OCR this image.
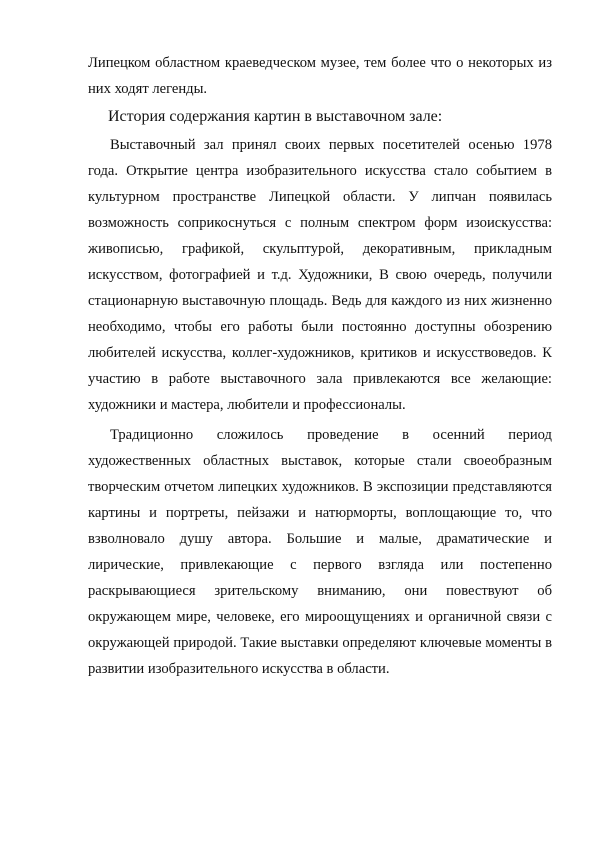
Липецком областном краеведческом музее, тем более что о некоторых из них ходят легенды.

История содержания картин в выставочном зале:

Выставочный зал принял своих первых посетителей осенью 1978 года. Открытие центра изобразительного искусства стало событием в культурном пространстве Липецкой области. У липчан появилась возможность соприкоснуться с полным спектром форм изоискусства: живописью, графикой, скульптурой, декоративным, прикладным искусством, фотографией и т.д. Художники, В свою очередь, получили стационарную выставочную площадь. Ведь для каждого из них жизненно необходимо, чтобы его работы были постоянно доступны обозрению любителей искусства, коллег-художников, критиков и искусствоведов. К участию в работе выставочного зала привлекаются все желающие: художники и мастера, любители и профессионалы.

Традиционно сложилось проведение в осенний период художественных областных выставок, которые стали своеобразным творческим отчетом липецких художников. В экспозиции представляются картины и портреты, пейзажи и натюрморты, воплощающие то, что взволновало душу автора. Большие и малые, драматические и лирические, привлекающие с первого взгляда или постепенно раскрывающиеся зрительскому вниманию, они повествуют об окружающем мире, человеке, его мироощущениях и органичной связи с окружающей природой. Такие выставки определяют ключевые моменты в развитии изобразительного искусства в области.
